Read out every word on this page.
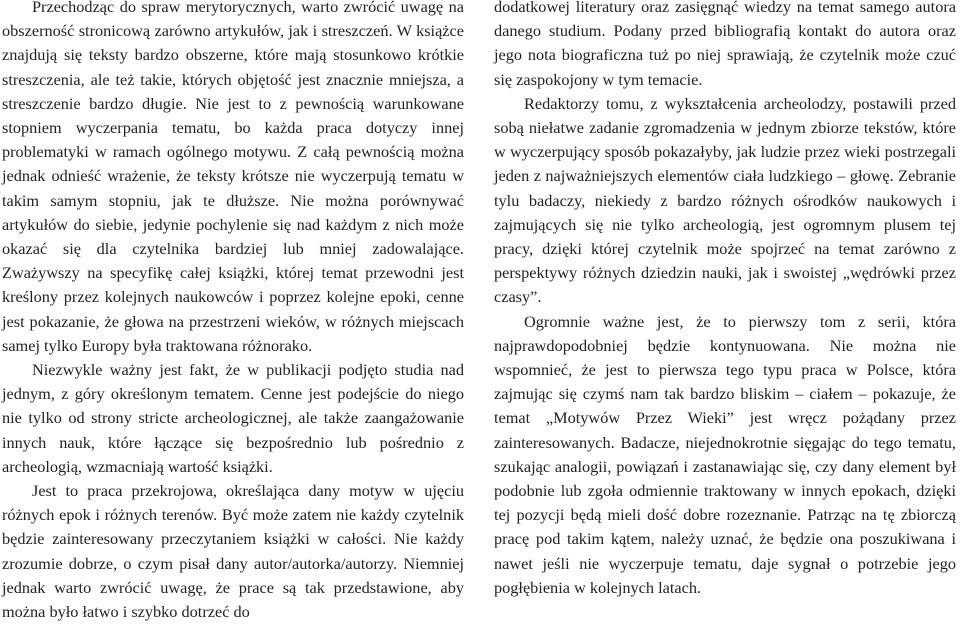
Przechodząc do spraw merytorycznych, warto zwrócić uwagę na obszerność stronicową zarówno artykułów, jak i streszczeń. W książce znajdują się teksty bardzo obszerne, które mają stosunkowo krótkie streszczenia, ale też takie, których objętość jest znacznie mniejsza, a streszczenie bardzo długie. Nie jest to z pewnością warunkowane stopniem wyczerpania tematu, bo każda praca dotyczy innej problematyki w ramach ogólnego motywu. Z całą pewnością można jednak odnieść wrażenie, że teksty krótsze nie wyczerpują tematu w takim samym stopniu, jak te dłuższe. Nie można porównywać artykułów do siebie, jedynie pochylenie się nad każdym z nich może okazać się dla czytelnika bardziej lub mniej zadowalające. Zważywszy na specyfikę całej książki, której temat przewodni jest kreślony przez kolejnych naukowców i poprzez kolejne epoki, cenne jest pokazanie, że głowa na przestrzeni wieków, w różnych miejscach samej tylko Europy była traktowana różnorako.

Niezwykle ważny jest fakt, że w publikacji podjęto studia nad jednym, z góry określonym tematem. Cenne jest podejście do niego nie tylko od strony stricte archeologicznej, ale także zaangażowanie innych nauk, które łączące się bezpośrednio lub pośrednio z archeologią, wzmacniają wartość książki.

Jest to praca przekrojowa, określająca dany motyw w ujęciu różnych epok i różnych terenów. Być może zatem nie każdy czytelnik będzie zainteresowany przeczytaniem książki w całości. Nie każdy zrozumie dobrze, o czym pisał dany autor/autorka/autorzy. Niemniej jednak warto zwrócić uwagę, że prace są tak przedstawione, aby można było łatwo i szybko dotrzeć do

dodatkowej literatury oraz zasięgnąć wiedzy na temat samego autora danego studium. Podany przed bibliografią kontakt do autora oraz jego nota biograficzna tuż po niej sprawiają, że czytelnik może czuć się zaspokojony w tym temacie.

Redaktorzy tomu, z wykształcenia archeolodzy, postawili przed sobą niełatwe zadanie zgromadzenia w jednym zbiorze tekstów, które w wyczerpujący sposób pokazałyby, jak ludzie przez wieki postrzegali jeden z najważniejszych elementów ciała ludzkiego – głowę. Zebranie tylu badaczy, niekiedy z bardzo różnych ośrodków naukowych i zajmujących się nie tylko archeologią, jest ogromnym plusem tej pracy, dzięki której czytelnik może spojrzeć na temat zarówno z perspektywy różnych dziedzin nauki, jak i swoistej „wędrówki przez czasy”.

Ogromnie ważne jest, że to pierwszy tom z serii, która najprawdopodobniej będzie kontynuowana. Nie można nie wspomnieć, że jest to pierwsza tego typu praca w Polsce, która zajmując się czymś nam tak bardzo bliskim – ciałem – pokazuje, że temat „Motywów Przez Wieki” jest wręcz pożądany przez zainteresowanych. Badacze, niejednokrotnie sięgając do tego tematu, szukając analogii, powiązań i zastanawiając się, czy dany element był podobnie lub zgoła odmiennie traktowany w innych epokach, dzięki tej pozycji będą mieli dość dobre rozeznanie. Patrząc na tę zbiorczą pracę pod takim kątem, należy uznać, że będzie ona poszukiwana i nawet jeśli nie wyczerpuje tematu, daje sygnał o potrzebie jego pogłębienia w kolejnych latach.
